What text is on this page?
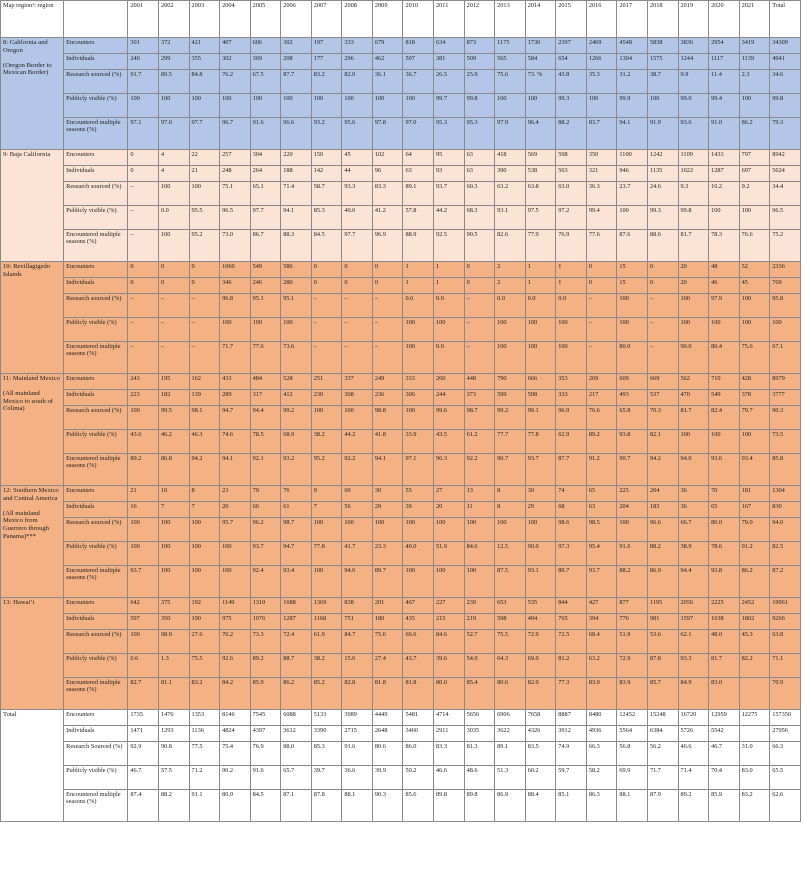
Map region¹: region		2001	2002	2003	2004	2005	2006	2007	2008	2009	2010	2011	2012	2013	2014	2015	2016	2017	2018	2019	2020	2021	Total
8: California and Oregon

(Oregon Border to Mexican Border)	Encounters	301	372	421	407	606	302	197	333	679	818	634	873	1175	1730	2397	2469	4548	5838	3836	2954	3419	34309
	Individuals	240	299	355	302	369	208	177	296	462	507	381	509	565	584	654	1266	1304	1575	1244	1117	1139	4941
	Research sourced (%)	91.7	89.5	84.8	76.2	67.5	87.7	83.2	82.0	36.1	36.7	26.5	25.9	75.6	73. %	43.8	35.3	31.2	38.7	9.9	11.4	2.3	34.6
	Publicly visible (%)	100	100	100	100	100	100	100	100	100	100	99.7	99.8	100	100	99.3	100	99.9	100	99.0	99.4	100	99.8
	Encountered multiple seasons (%)	97.1	97.0	97.7	96.7	91.6	96.6	93.2	95.6	97.8	97.0	95.3	95.3	97.9	96.4	88.2	83.7	94.1	91.9	93.6	91.0	86.2	79.3
9: Baja California	Encounters	0	4	22	257	304	220	150	45	102	64	95	63	418	569	598	350	1100	1242	1109	1433	797	8942
	Individuals	0	4	21	248	264	188	142	44	96	63	93	63	390	538	563	321	946	1135	1022	1287	697	5624
	Research sourced (%)	–	100	100	75.1	65.1	71.4	58.7	93.3	83.3	89.1	93.7	60.3	63.2	63.8	63.0	36.3	23.7	24.6	9.3	16.2	9.2	34.4
	Publicly visible (%)	–	0.0	95.5	96.5	97.7	94.1	85.3	40.0	41.2	57.8	44.2	68.3	93.1	97.5	97.2	99.4	100	99.3	99.8	100	100	96.5
	Encountered multiple seasons (%)	–	100	95.2	73.0	86.7	88.3	84.5	97.7	96.9	88.9	92.5	90.5	82.6	77.9	76.9	77.6	87.6	88.6	81.7	78.3	76.6	75.2
10: Revillagigedo Islands	Encounters	0	0	0	1060	549	586	0	0	0	1	1	0	2	1	1	0	15	0	20	48	52	2336
	Individuals	0	0	0	346	246	280	0	0	0	1	1	0	2	1	1	0	15	0	20	46	45	769
	Research sourced (%)	–	–	–	96.8	95.1	95.1	–	–	–	0.0	0.0	–	0.0	0.0	0.0	–	100	–	100	97.9	100	95.8
	Publicly visible (%)	–	–	–	100	100	100	–	–	–	100	100	–	100	100	100	–	100	–	100	100	100	100
	Encountered multiple seasons (%)	–	–	–	71.7	77.6	73.6	–	–	–	100	0.0	–	100	100	100	–	80.0	–	90.0	80.4	75.6	67.1
11: Mainland Mexico

(All mainland Mexico to south of Colima)	Encounters	243	195	162	433	484	528	251	337	249	333	260	448	790	666	353	269	609	669	562	710	428	8979
	Individuals	223	182	139	289	317	412	230	308	236	306	244	373	599	508	333	217	493	537	470	549	378	3777
	Research sourced (%)	100	99.5	98.1	94.7	94.4	99.2	100	100	98.8	100	99.6	98.7	99.2	99.1	96.9	76.6	65.8	70.3	81.7	82.4	79.7	90.3
	Publicly visible (%)	43.6	46.2	46.3	74.6	78.5	68.9	38.2	44.2	41.8	33.9	43.5	61.2	77.7	77.8	62.9	89.2	93.8	82.1	100	100	100	73.5
	Encountered multiple seasons (%)	89.2	86.8	94.2	94.1	92.1	93.2	95.2	92.2	94.1	97.1	96.3	92.2	90.7	93.7	87.7	91.2	90.7	94.2	94.0	93.6	93.4	85.8
12: Southern Mexico and Central America

(All mainland Mexico from Guerrero through Panama)***	Encounters	21	10	8	23	79	76	9	60	30	55	27	13	8	30	74	65	225	204	36	70	181	1304
	Individuals	16	7	7	20	66	61	7	56	29	39	20	11	8	29	68	63	204	183	36	65	167	830
	Research sourced (%)	100	100	100	95.7	96.2	98.7	100	100	100	100	100	100	100	100	98.6	98.5	100	96.6	66.7	80.0	79.0	94.0
	Publicly visible (%)	100	100	100	100	93.7	94.7	77.8	41.7	23.3	40.0	51.9	84.6	12.5	90.0	97.3	95.4	91.6	88.2	38.9	78.6	91.2	82.5
	Encountered multiple seasons (%)	93.7	100	100	100	92.4	93.4	100	94.6	89.7	100	100	100	87.5	93.1	89.7	93.7	88.2	86.9	94.4	93.8	86.2	87.2
13: Hawai’i	Encounters	642	375	192	1149	1310	1688	1369	838	201	467	227	239	653	535	844	427	877	1195	2056	2225	2452	19961
	Individuals	597	350	190	975	1076	1287	1168	751	180	435	215	219	598	494	765	394	776	981	1597	1638	1802	9266
	Research sourced (%)	100	98.9	27.6	70.2	73.3	72.4	61.9	84.7	75.6	66.6	84.6	52.7	75.5	72.9	72.5	68.4	51.9	53.6	62.1	48.0	45.3	63.8
	Publicly visible (%)	0.6	1.3	75.5	92.6	89.2	88.7	38.2	15.6	27.4	43.7	39.6	54.0	64.3	69.0	81.2	63.2	72.9	87.8	93.3	81.7	82.2	71.1
	Encountered multiple seasons (%)	82.7	81.1	83.2	84.2	85.9	86.2	85.2	82.8	81.8	81.8	80.0	85.4	80.6	82.0	77.3	83.0	83.9	85.7	84.9	83.0		70.9
Total	Encounters	1735	1476	1353	8146	7545	6088	5133	3989	4449	5481	4714	5656	6906	7658	8887	8480	12452	15248	16720	12959	12275	157350
	Individuals	1471	1293	1136	4824	4397	3612	3390	2715	2648	3460	2911	3035	3622	4326	3912	4936	5564	6384	5726	5542		27956
	Research Sourced (%)	92.9	90.8	77.5	75.4	76.9	88.0	85.3	91.6	80.6	86.0	83.3	81.3	89.1	83.5	74.9	66.3	56.8	56.2	46.6	46.7	31.0	66.3
	Publicly visible (%)	46.7	57.5	71.2	90.2	91.6	65.7	39.7	36.6	39.9	50.2	46.6	48.6	51.3	60.2	59.7	58.2	69.9	71.7	71.4	70.4	83.0	65.5
	Encountered multiple seasons (%)	87.4	88.2	91.1	80.9	84.5	87.1	87.8	88.1	90.3	85.6	89.8	89.8	86.9	88.4	85.1	86.3	88.1	87.9	89.2	85.9	83.2	62.6
